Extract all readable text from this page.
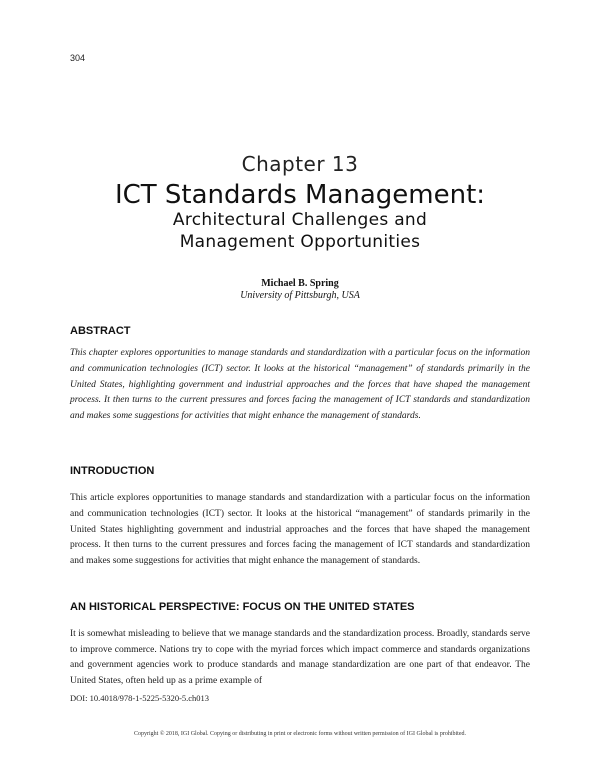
304
Chapter 13
ICT Standards Management:
Architectural Challenges and
Management Opportunities
Michael B. Spring
University of Pittsburgh, USA
ABSTRACT

This chapter explores opportunities to manage standards and standardization with a particular focus on the information and communication technologies (ICT) sector. It looks at the historical “management” of standards primarily in the United States, highlighting government and industrial approaches and the forces that have shaped the management process. It then turns to the current pressures and forces facing the management of ICT standards and standardization and makes some suggestions for activities that might enhance the management of standards.

INTRODUCTION

This article explores opportunities to manage standards and standardization with a particular focus on the information and communication technologies (ICT) sector. It looks at the historical “management” of standards primarily in the United States highlighting government and industrial approaches and the forces that have shaped the management process. It then turns to the current pressures and forces facing the management of ICT standards and standardization and makes some suggestions for activities that might enhance the management of standards.

AN HISTORICAL PERSPECTIVE: FOCUS ON THE UNITED STATES

It is somewhat misleading to believe that we manage standards and the standardization process. Broadly, standards serve to improve commerce. Nations try to cope with the myriad forces which impact commerce and standards organizations and government agencies work to produce standards and manage standardization are one part of that endeavor. The United States, often held up as a prime example of

DOI: 10.4018/978-1-5225-5320-5.ch013
Copyright © 2018, IGI Global. Copying or distributing in print or electronic forms without written permission of IGI Global is prohibited.
